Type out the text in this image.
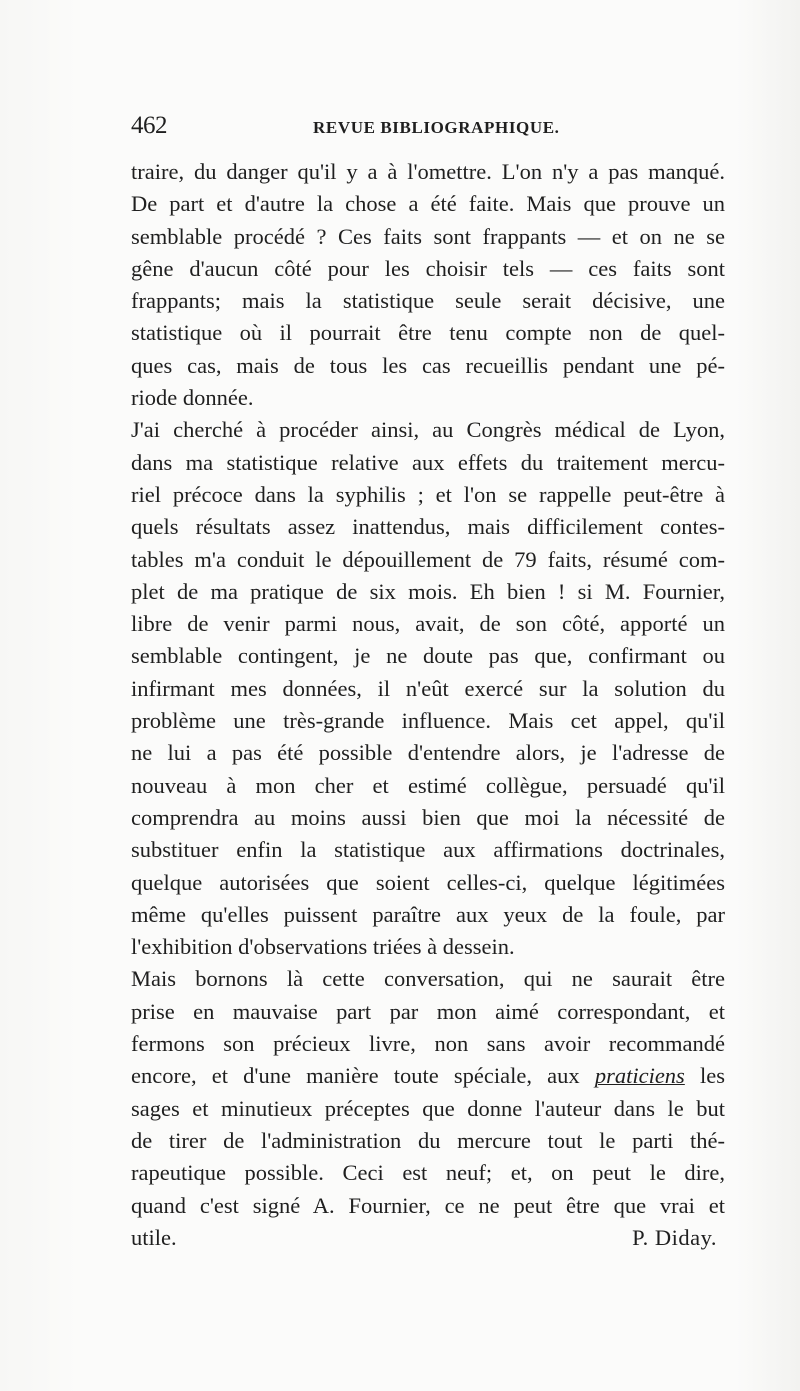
462	REVUE BIBLIOGRAPHIQUE.
traire, du danger qu'il y a à l'omettre. L'on n'y a pas manqué.
De part et d'autre la chose a été faite. Mais que prouve un
semblable procédé ? Ces faits sont frappants — et on ne se
gêne d'aucun côté pour les choisir tels — ces faits sont
frappants; mais la statistique seule serait décisive, une
statistique où il pourrait être tenu compte non de quel-
ques cas, mais de tous les cas recueillis pendant une pé-
riode donnée.
J'ai cherché à procéder ainsi, au Congrès médical de Lyon,
dans ma statistique relative aux effets du traitement mercu-
riel précoce dans la syphilis ; et l'on se rappelle peut-être à
quels résultats assez inattendus, mais difficilement contes-
tables m'a conduit le dépouillement de 79 faits, résumé com-
plet de ma pratique de six mois. Eh bien ! si M. Fournier,
libre de venir parmi nous, avait, de son côté, apporté un
semblable contingent, je ne doute pas que, confirmant ou
infirmant mes données, il n'eût exercé sur la solution du
problème une très-grande influence. Mais cet appel, qu'il
ne lui a pas été possible d'entendre alors, je l'adresse de
nouveau à mon cher et estimé collègue, persuadé qu'il
comprendra au moins aussi bien que moi la nécessité de
substituer enfin la statistique aux affirmations doctrinales,
quelque autorisées que soient celles-ci, quelque légitimées
même qu'elles puissent paraître aux yeux de la foule, par
l'exhibition d'observations triées à dessein.
Mais bornons là cette conversation, qui ne saurait être
prise en mauvaise part par mon aimé correspondant, et
fermons son précieux livre, non sans avoir recommandé
encore, et d'une manière toute spéciale, aux praticiens les
sages et minutieux préceptes que donne l'auteur dans le but
de tirer de l'administration du mercure tout le parti thé-
rapeutique possible. Ceci est neuf; et, on peut le dire,
quand c'est signé A. Fournier, ce ne peut être que vrai et
utile.	P. Diday.
